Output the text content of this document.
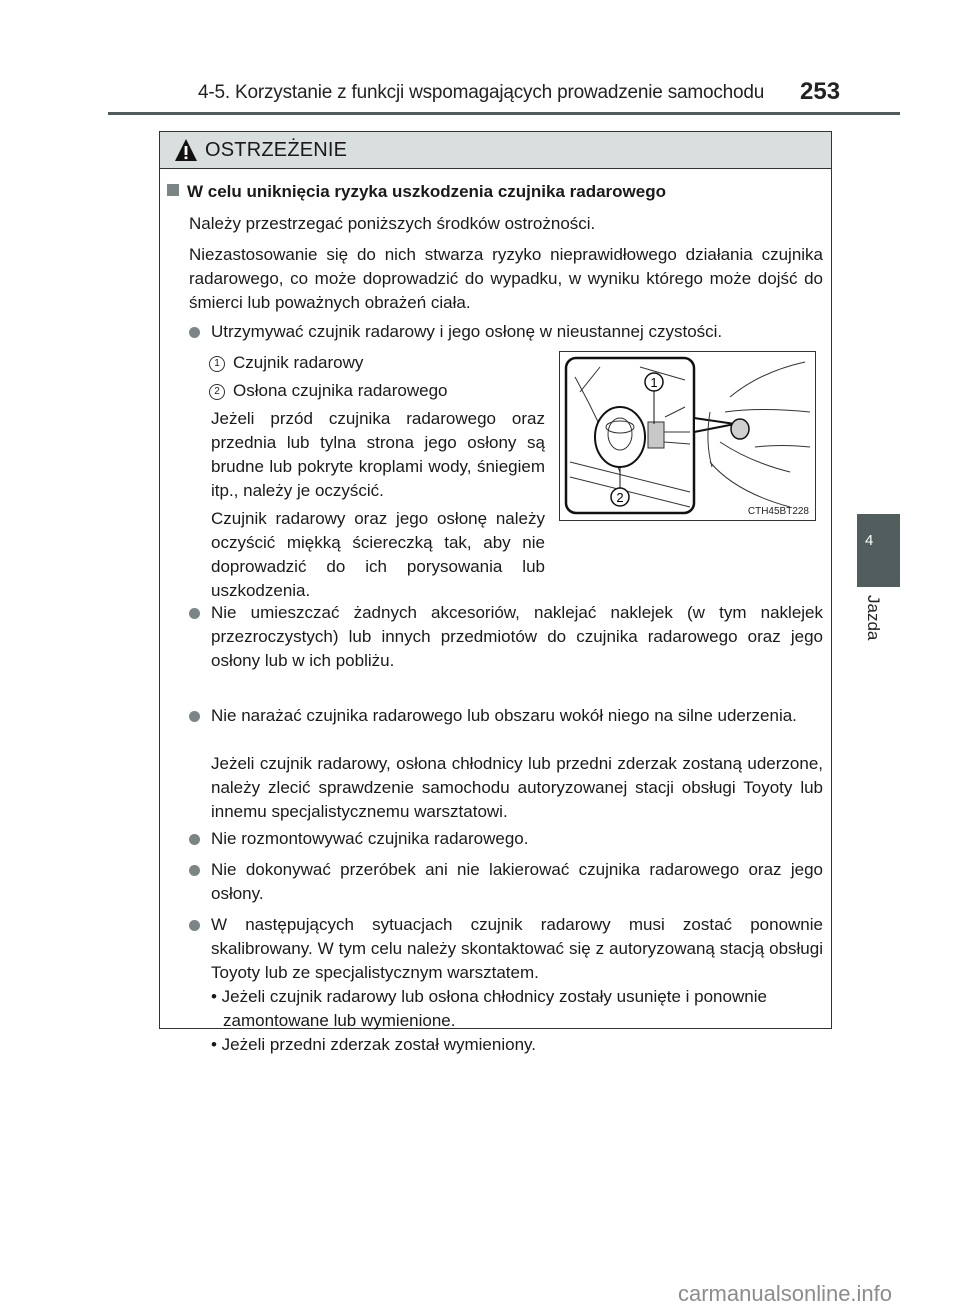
4-5. Korzystanie z funkcji wspomagających prowadzenie samochodu 253
4
Jazda
OSTRZEŻENIE
W celu uniknięcia ryzyka uszkodzenia czujnika radarowego
Należy przestrzegać poniższych środków ostrożności.
Niezastosowanie się do nich stwarza ryzyko nieprawidłowego działania czujnika radarowego, co może doprowadzić do wypadku, w wyniku którego może dojść do śmierci lub poważnych obrażeń ciała.
Utrzymywać czujnik radarowy i jego osłonę w nieustannej czystości.
1 Czujnik radarowy
2 Osłona czujnika radarowego
Jeżeli przód czujnika radarowego oraz przednia lub tylna strona jego osłony są brudne lub pokryte kroplami wody, śniegiem itp., należy je oczyścić.
Czujnik radarowy oraz jego osłonę należy oczyścić miękką ściereczką tak, aby nie doprowadzić do ich porysowania lub uszkodzenia.
Nie umieszczać żadnych akcesoriów, naklejać naklejek (w tym naklejek przezroczystych) lub innych przedmiotów do czujnika radarowego oraz jego osłony lub w ich pobliżu.
Nie narażać czujnika radarowego lub obszaru wokół niego na silne uderzenia.
Jeżeli czujnik radarowy, osłona chłodnicy lub przedni zderzak zostaną uderzone, należy zlecić sprawdzenie samochodu autoryzowanej stacji obsługi Toyoty lub innemu specjalistycznemu warsztatowi.
Nie rozmontowywać czujnika radarowego.
Nie dokonywać przeróbek ani nie lakierować czujnika radarowego oraz jego osłony.
W następujących sytuacjach czujnik radarowy musi zostać ponownie skalibrowany. W tym celu należy skontaktować się z autoryzowaną stacją obsługi Toyoty lub ze specjalistycznym warsztatem.
• Jeżeli czujnik radarowy lub osłona chłodnicy zostały usunięte i ponownie zamontowane lub wymienione.
• Jeżeli przedni zderzak został wymieniony.
1
2
CTH45BT228
carmanualsonline.info
